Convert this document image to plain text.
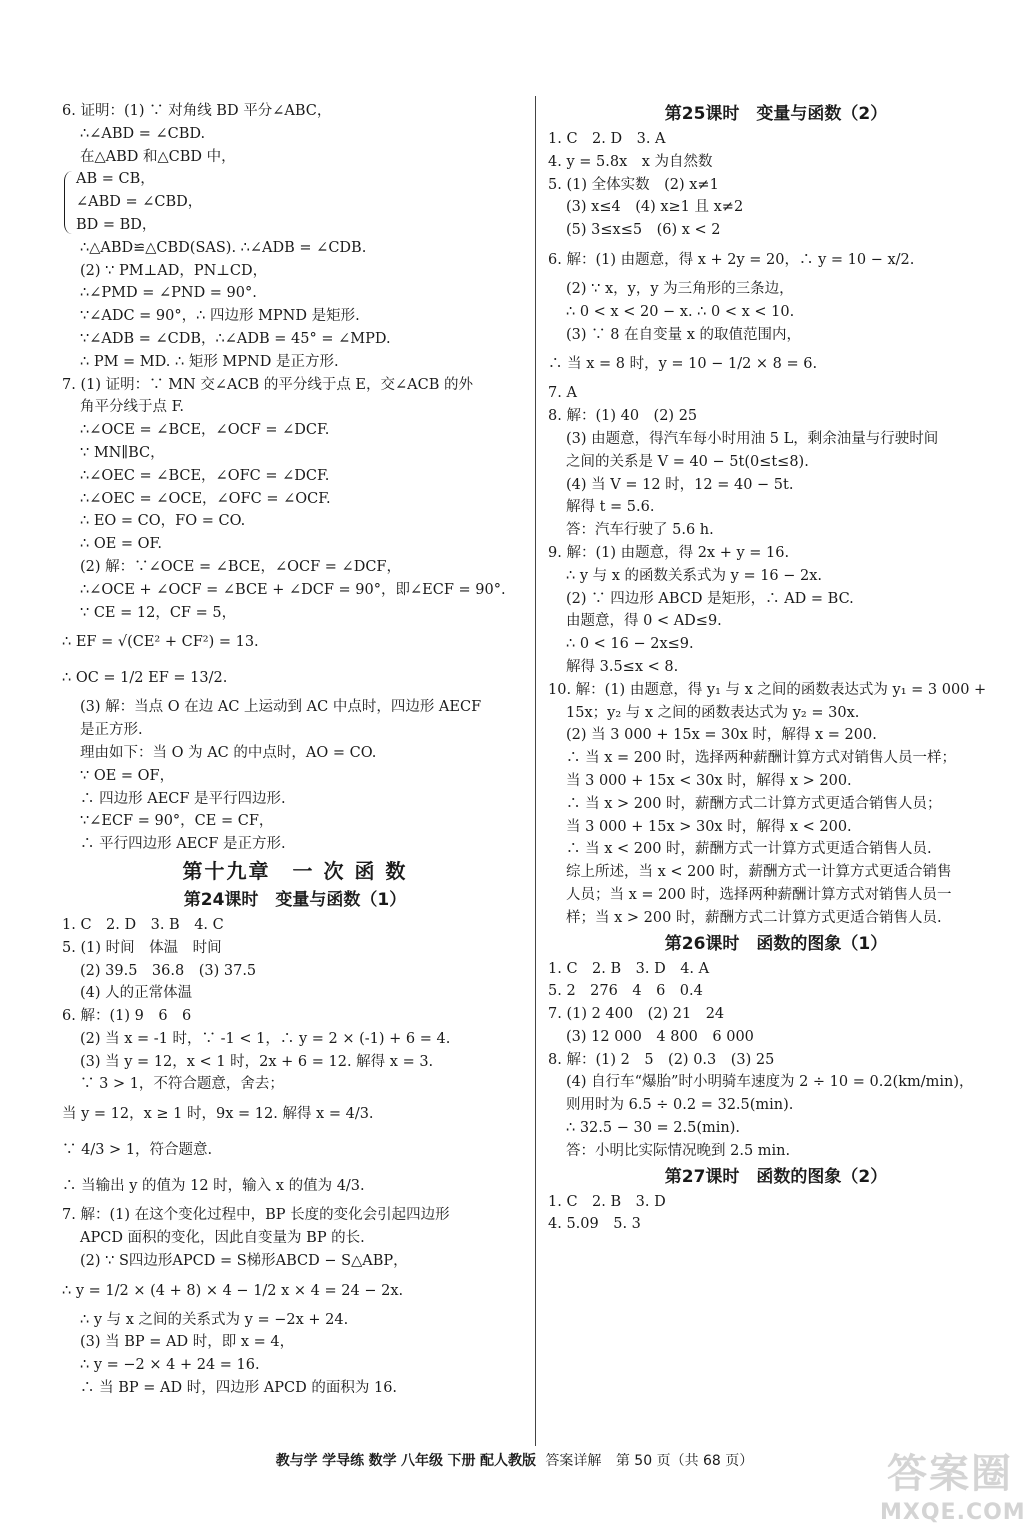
6. 证明：(1) ∵ 对角线 BD 平分∠ABC，
∴∠ABD = ∠CBD.
在△ABD 和△CBD 中，
AB = CB，
∠ABD = ∠CBD，
BD = BD，
∴△ABD≌△CBD(SAS). ∴∠ADB = ∠CDB.
(2) ∵ PM⊥AD，PN⊥CD，
∴∠PMD = ∠PND = 90°.
∵∠ADC = 90°，∴ 四边形 MPND 是矩形.
∵∠ADB = ∠CDB，∴∠ADB = 45° = ∠MPD.
∴ PM = MD. ∴ 矩形 MPND 是正方形.
7. (1) 证明：∵ MN 交∠ACB 的平分线于点 E，交∠ACB 的外
角平分线于点 F.
∴∠OCE = ∠BCE，∠OCF = ∠DCF.
∵ MN∥BC，
∴∠OEC = ∠BCE，∠OFC = ∠DCF.
∴∠OEC = ∠OCE，∠OFC = ∠OCF.
∴ EO = CO，FO = CO.
∴ OE = OF.
(2) 解：∵∠OCE = ∠BCE，∠OCF = ∠DCF，
∴∠OCE + ∠OCF = ∠BCE + ∠DCF = 90°，即∠ECF = 90°.
∵ CE = 12，CF = 5，
∴ EF = √(CE² + CF²) = 13.
∴ OC = 1/2 EF = 13/2.
(3) 解：当点 O 在边 AC 上运动到 AC 中点时，四边形 AECF
是正方形.
理由如下：当 O 为 AC 的中点时，AO = CO.
∵ OE = OF，
∴ 四边形 AECF 是平行四边形.
∵∠ECF = 90°，CE = CF，
∴ 平行四边形 AECF 是正方形.
第十九章　一 次 函 数
第24课时　变量与函数（1）
1. C　2. D　3. B　4. C
5. (1) 时间　体温　时间
(2) 39.5　36.8　(3) 37.5
(4) 人的正常体温
6. 解：(1) 9　6　6
(2) 当 x = -1 时，∵ -1 < 1，∴ y = 2 × (-1) + 6 = 4.
(3) 当 y = 12，x < 1 时，2x + 6 = 12. 解得 x = 3.
∵ 3 > 1，不符合题意，舍去；
当 y = 12，x ≥ 1 时，9x = 12. 解得 x = 4/3.
∵ 4/3 > 1，符合题意.
∴ 当输出 y 的值为 12 时，输入 x 的值为 4/3.
7. 解：(1) 在这个变化过程中，BP 长度的变化会引起四边形
APCD 面积的变化，因此自变量为 BP 的长.
(2) ∵ S四边形APCD = S梯形ABCD − S△ABP，
∴ y = 1/2 × (4 + 8) × 4 − 1/2 x × 4 = 24 − 2x.
∴ y 与 x 之间的关系式为 y = −2x + 24.
(3) 当 BP = AD 时，即 x = 4，
∴ y = −2 × 4 + 24 = 16.
∴ 当 BP = AD 时，四边形 APCD 的面积为 16.
第25课时　变量与函数（2）
1. C　2. D　3. A
4. y = 5.8x　x 为自然数
5. (1) 全体实数　(2) x≠1
(3) x≤4　(4) x≥1 且 x≠2
(5) 3≤x≤5　(6) x < 2
6. 解：(1) 由题意，得 x + 2y = 20，∴ y = 10 − x/2.
(2) ∵ x，y，y 为三角形的三条边，
∴ 0 < x < 20 − x. ∴ 0 < x < 10.
(3) ∵ 8 在自变量 x 的取值范围内，
∴ 当 x = 8 时，y = 10 − 1/2 × 8 = 6.
7. A
8. 解：(1) 40　(2) 25
(3) 由题意，得汽车每小时用油 5 L，剩余油量与行驶时间
之间的关系是 V = 40 − 5t(0≤t≤8).
(4) 当 V = 12 时，12 = 40 − 5t.
解得 t = 5.6.
答：汽车行驶了 5.6 h.
9. 解：(1) 由题意，得 2x + y = 16.
∴ y 与 x 的函数关系式为 y = 16 − 2x.
(2) ∵ 四边形 ABCD 是矩形，∴ AD = BC.
由题意，得 0 < AD≤9.
∴ 0 < 16 − 2x≤9.
解得 3.5≤x < 8.
10. 解：(1) 由题意，得 y₁ 与 x 之间的函数表达式为 y₁ = 3 000 +
15x；y₂ 与 x 之间的函数表达式为 y₂ = 30x.
(2) 当 3 000 + 15x = 30x 时，解得 x = 200.
∴ 当 x = 200 时，选择两种薪酬计算方式对销售人员一样；
当 3 000 + 15x < 30x 时，解得 x > 200.
∴ 当 x > 200 时，薪酬方式二计算方式更适合销售人员；
当 3 000 + 15x > 30x 时，解得 x < 200.
∴ 当 x < 200 时，薪酬方式一计算方式更适合销售人员.
综上所述，当 x < 200 时，薪酬方式一计算方式更适合销售
人员；当 x = 200 时，选择两种薪酬计算方式对销售人员一
样；当 x > 200 时，薪酬方式二计算方式更适合销售人员.
第26课时　函数的图象（1）
1. C　2. B　3. D　4. A
5. 2　276　4　6　0.4
7. (1) 2 400　(2) 21　24
(3) 12 000　4 800　6 000
8. 解：(1) 2　5　(2) 0.3　(3) 25
(4) 自行车“爆胎”时小明骑车速度为 2 ÷ 10 = 0.2(km/min)，
则用时为 6.5 ÷ 0.2 = 32.5(min).
∴ 32.5 − 30 = 2.5(min).
答：小明比实际情况晚到 2.5 min.
第27课时　函数的图象（2）
1. C　2. B　3. D
4. 5.09　5. 3
教与学 学导练 数学 八年级 下册 配人教版 答案详解 第 50 页（共 68 页）	答案圈
MXQE.COM
